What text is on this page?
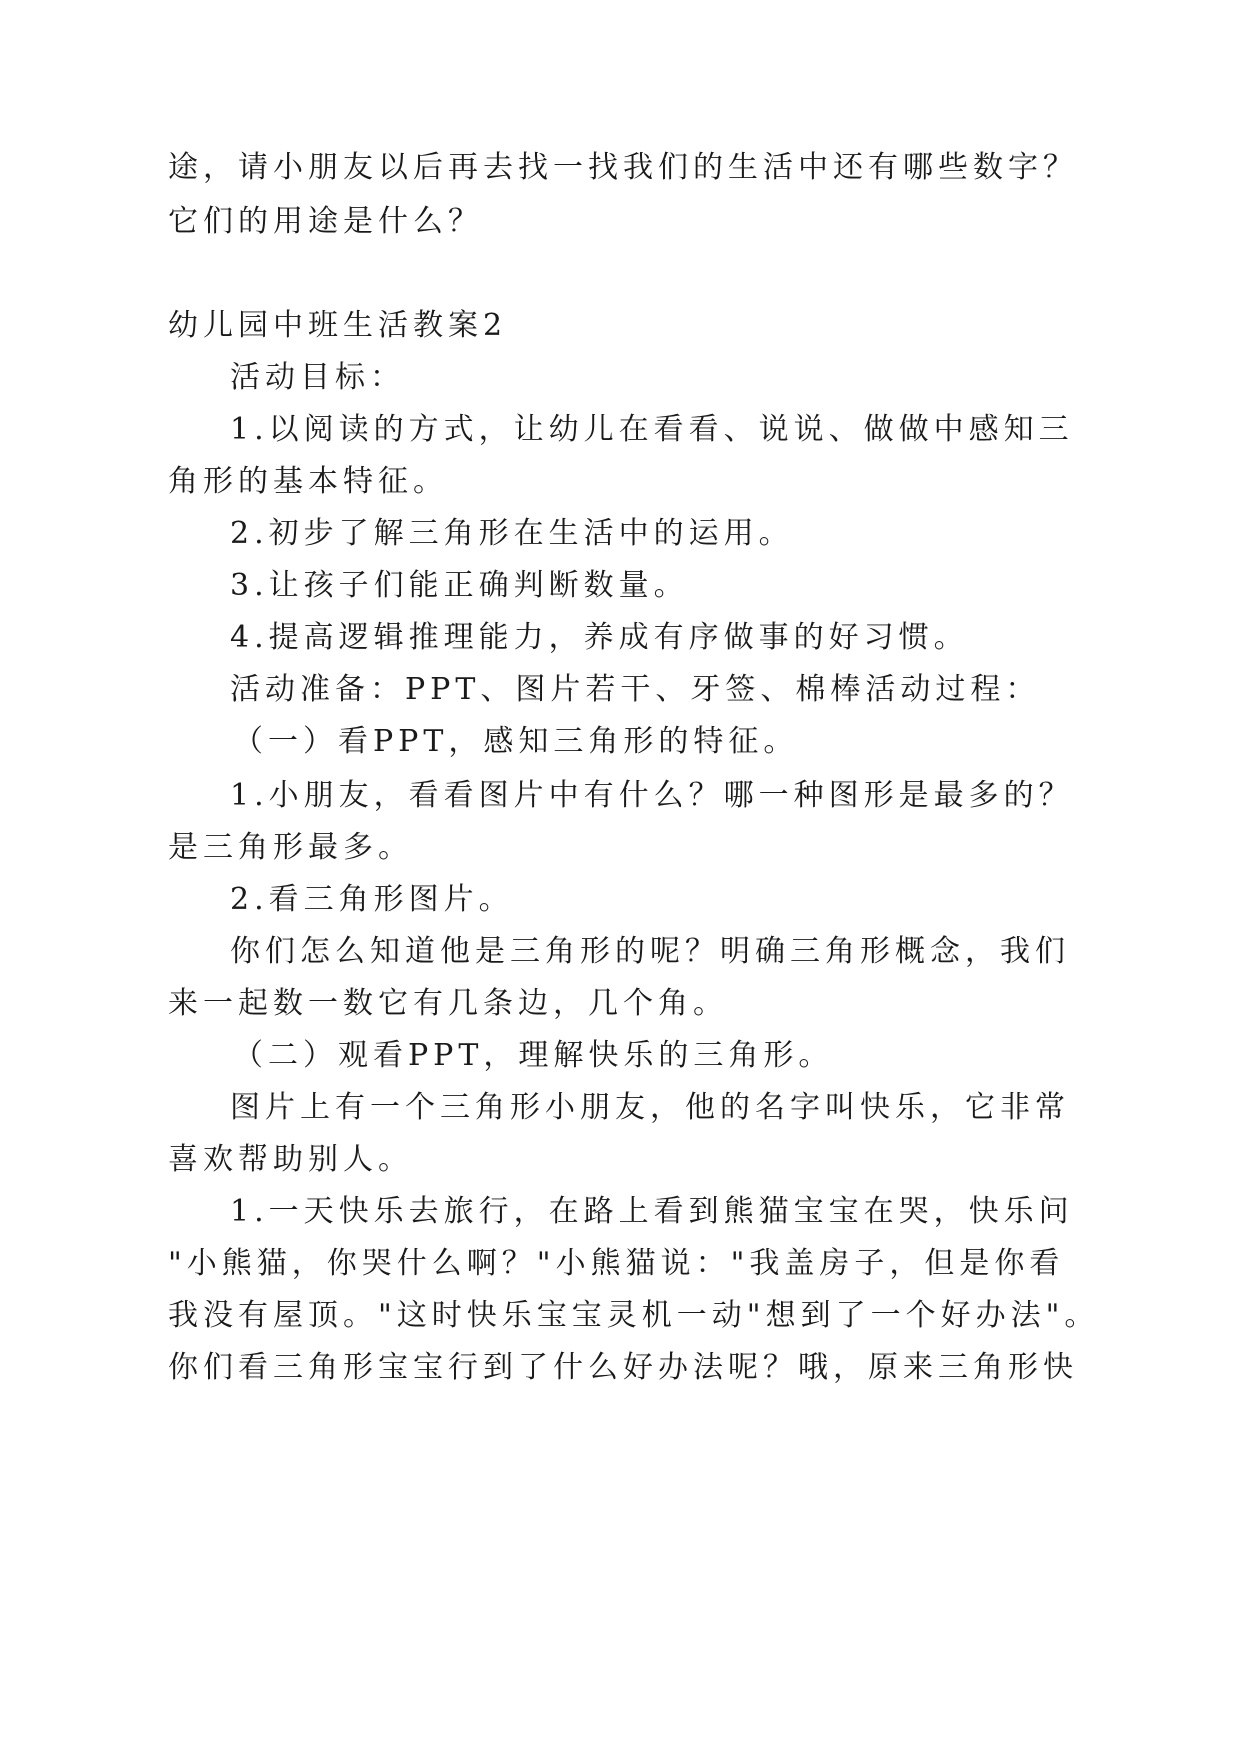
途，请小朋友以后再去找一找我们的生活中还有哪些数字？
它们的用途是什么？
幼儿园中班生活教案2
活动目标：
1.以阅读的方式，让幼儿在看看、说说、做做中感知三
角形的基本特征。
2.初步了解三角形在生活中的运用。
3.让孩子们能正确判断数量。
4.提高逻辑推理能力，养成有序做事的好习惯。
活动准备：PPT、图片若干、牙签、棉棒活动过程：
（一）看PPT，感知三角形的特征。
1.小朋友，看看图片中有什么？哪一种图形是最多的？
是三角形最多。
2.看三角形图片。
你们怎么知道他是三角形的呢？明确三角形概念，我们
来一起数一数它有几条边，几个角。
（二）观看PPT，理解快乐的三角形。
图片上有一个三角形小朋友，他的名字叫快乐，它非常
喜欢帮助别人。
1.一天快乐去旅行，在路上看到熊猫宝宝在哭，快乐问
"小熊猫，你哭什么啊？"小熊猫说："我盖房子，但是你看
我没有屋顶。"这时快乐宝宝灵机一动"想到了一个好办法"。
你们看三角形宝宝行到了什么好办法呢？哦，原来三角形快
